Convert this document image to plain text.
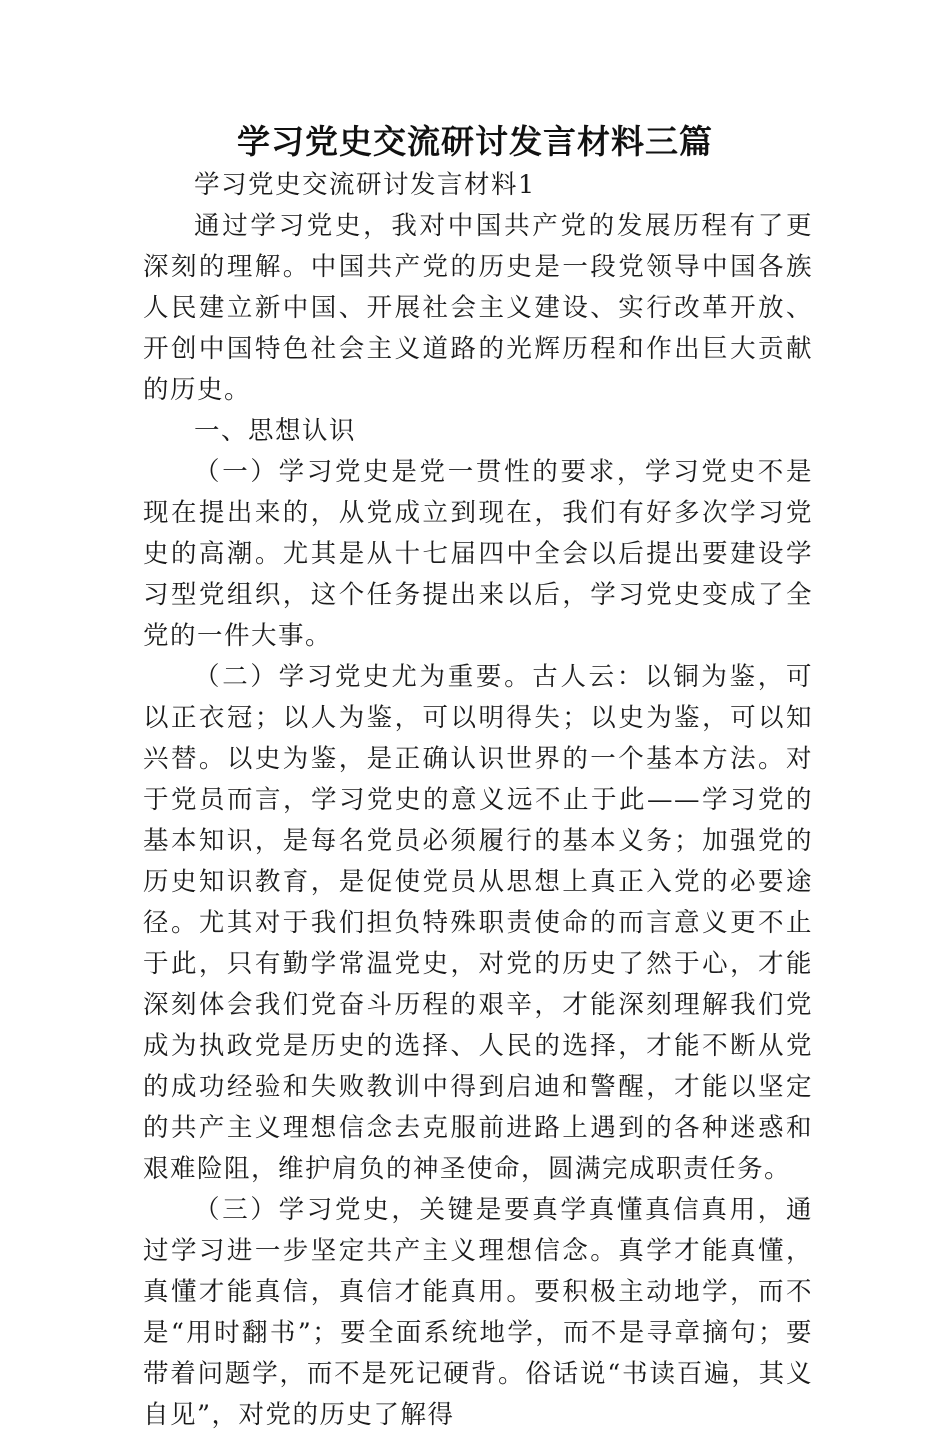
学习党史交流研讨发言材料三篇

学习党史交流研讨发言材料1

通过学习党史，我对中国共产党的发展历程有了更深刻的理解。中国共产党的历史是一段党领导中国各族人民建立新中国、开展社会主义建设、实行改革开放、开创中国特色社会主义道路的光辉历程和作出巨大贡献的历史。

一、思想认识

（一）学习党史是党一贯性的要求，学习党史不是现在提出来的，从党成立到现在，我们有好多次学习党史的高潮。尤其是从十七届四中全会以后提出要建设学习型党组织，这个任务提出来以后，学习党史变成了全党的一件大事。

（二）学习党史尤为重要。古人云：以铜为鉴，可以正衣冠；以人为鉴，可以明得失；以史为鉴，可以知兴替。以史为鉴，是正确认识世界的一个基本方法。对于党员而言，学习党史的意义远不止于此——学习党的基本知识，是每名党员必须履行的基本义务；加强党的历史知识教育，是促使党员从思想上真正入党的必要途径。尤其对于我们担负特殊职责使命的而言意义更不止于此，只有勤学常温党史，对党的历史了然于心，才能深刻体会我们党奋斗历程的艰辛，才能深刻理解我们党成为执政党是历史的选择、人民的选择，才能不断从党的成功经验和失败教训中得到启迪和警醒，才能以坚定的共产主义理想信念去克服前进路上遇到的各种迷惑和艰难险阻，维护肩负的神圣使命，圆满完成职责任务。

（三）学习党史，关键是要真学真懂真信真用，通过学习进一步坚定共产主义理想信念。真学才能真懂，真懂才能真信，真信才能真用。要积极主动地学，而不是“用时翻书”；要全面系统地学，而不是寻章摘句；要带着问题学，而不是死记硬背。俗话说“书读百遍，其义自见”，对党的历史了解得
